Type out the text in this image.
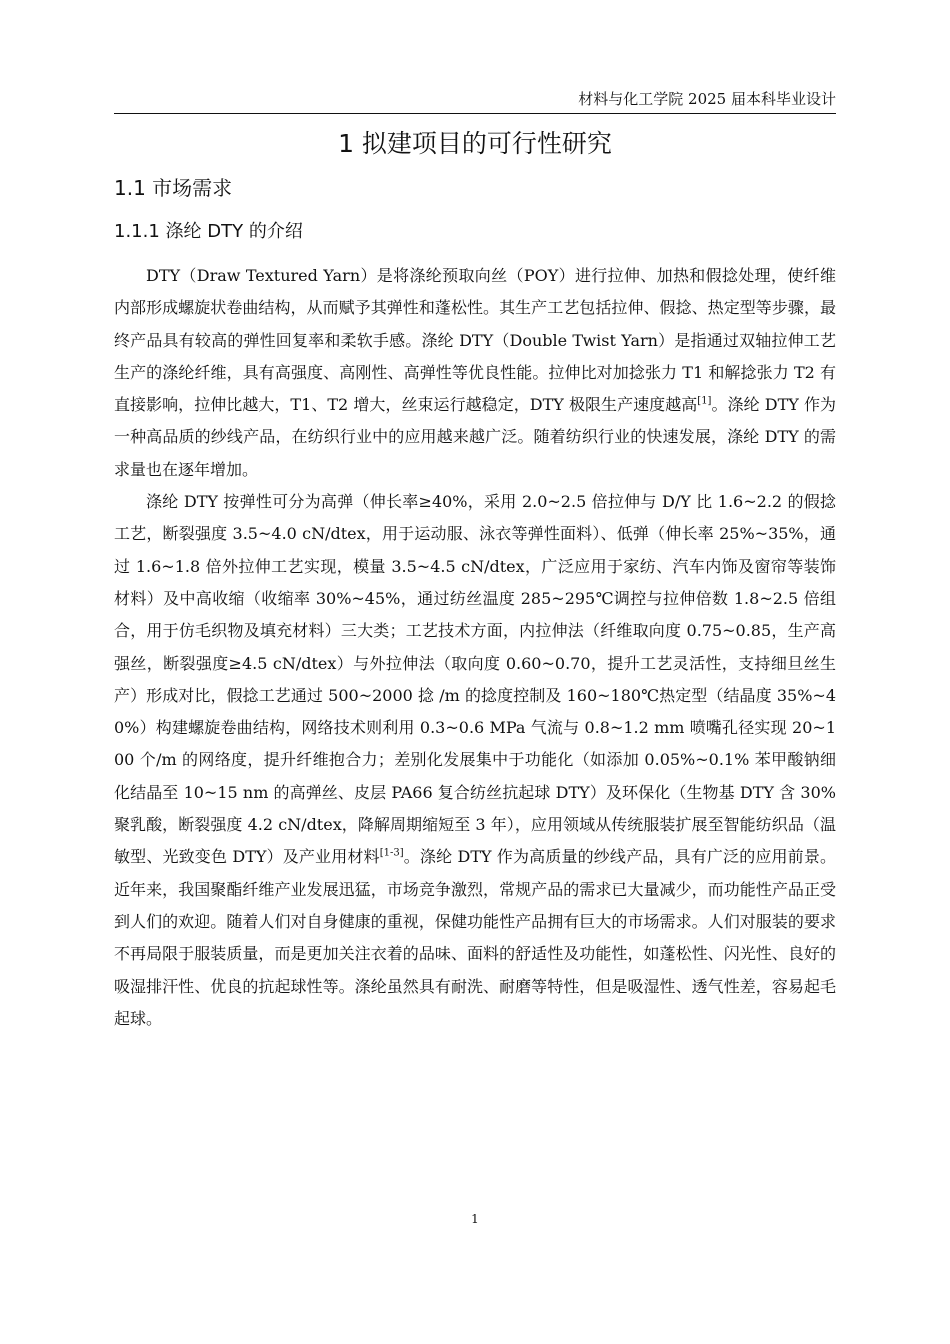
材料与化工学院 2025 届本科毕业设计
1 拟建项目的可行性研究
1.1 市场需求
1.1.1 涤纶 DTY 的介绍

DTY（Draw Textured Yarn）是将涤纶预取向丝（POY）进行拉伸、加热和假捻处理，使纤维内部形成螺旋状卷曲结构，从而赋予其弹性和蓬松性。其生产工艺包括拉伸、假捻、热定型等步骤，最终产品具有较高的弹性回复率和柔软手感。涤纶 DTY（Double Twist Yarn）是指通过双轴拉伸工艺生产的涤纶纤维，具有高强度、高刚性、高弹性等优良性能。拉伸比对加捻张力 T1 和解捻张力 T2 有直接影响，拉伸比越大，T1、T2 增大，丝束运行越稳定，DTY 极限生产速度越高[1]。涤纶 DTY 作为一种高品质的纱线产品，在纺织行业中的应用越来越广泛。随着纺织行业的快速发展，涤纶 DTY 的需求量也在逐年增加。

涤纶 DTY 按弹性可分为高弹（伸长率≥40%，采用 2.0~2.5 倍拉伸与 D/Y 比 1.6~2.2 的假捻工艺，断裂强度 3.5~4.0 cN/dtex，用于运动服、泳衣等弹性面料）、低弹（伸长率 25%~35%，通过 1.6~1.8 倍外拉伸工艺实现，模量 3.5~4.5 cN/dtex，广泛应用于家纺、汽车内饰及窗帘等装饰材料）及中高收缩（收缩率 30%~45%，通过纺丝温度 285~295℃调控与拉伸倍数 1.8~2.5 倍组合，用于仿毛织物及填充材料）三大类；工艺技术方面，内拉伸法（纤维取向度 0.75~0.85，生产高强丝，断裂强度≥4.5 cN/dtex）与外拉伸法（取向度 0.60~0.70，提升工艺灵活性，支持细旦丝生产）形成对比，假捻工艺通过 500~2000 捻 /m 的捻度控制及 160~180℃热定型（结晶度 35%~40%）构建螺旋卷曲结构，网络技术则利用 0.3~0.6 MPa 气流与 0.8~1.2 mm 喷嘴孔径实现 20~100 个/m 的网络度，提升纤维抱合力；差别化发展集中于功能化（如添加 0.05%~0.1% 苯甲酸钠细化结晶至 10~15 nm 的高弹丝、皮层 PA66 复合纺丝抗起球 DTY）及环保化（生物基 DTY 含 30%聚乳酸，断裂强度 4.2 cN/dtex，降解周期缩短至 3 年），应用领域从传统服装扩展至智能纺织品（温敏型、光致变色 DTY）及产业用材料[1-3]。涤纶 DTY 作为高质量的纱线产品，具有广泛的应用前景。近年来，我国聚酯纤维产业发展迅猛，市场竞争激烈，常规产品的需求已大量减少，而功能性产品正受到人们的欢迎。随着人们对自身健康的重视，保健功能性产品拥有巨大的市场需求。人们对服装的要求不再局限于服装质量，而是更加关注衣着的品味、面料的舒适性及功能性，如蓬松性、闪光性、良好的吸湿排汗性、优良的抗起球性等。涤纶虽然具有耐洗、耐磨等特性，但是吸湿性、透气性差，容易起毛起球。

1
